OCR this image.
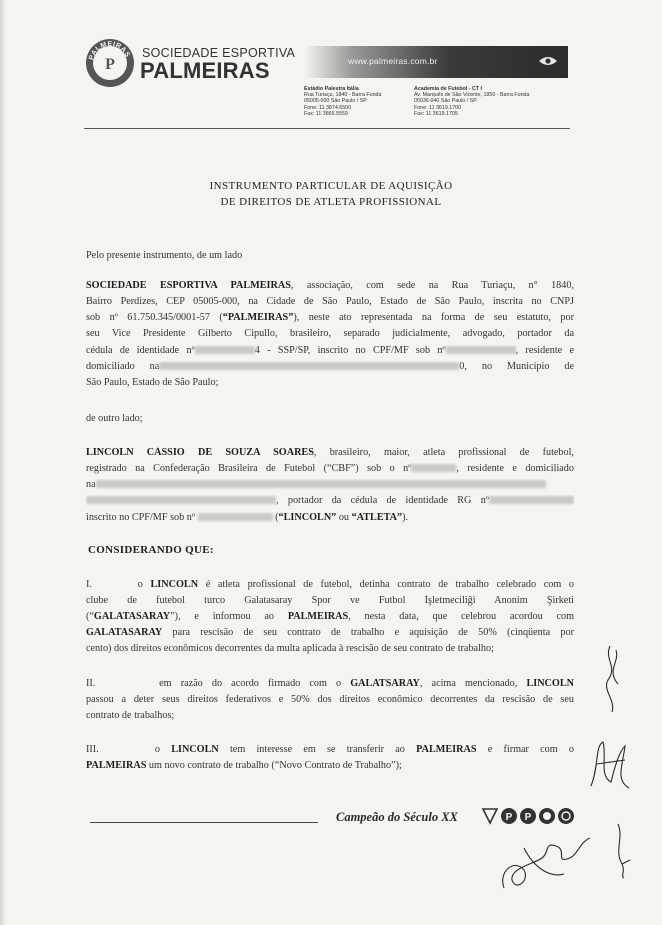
PALMEIRAS
P
SOCIEDADE ESPORTIVA
PALMEIRAS	www.palmeiras.com.br
Estádio Palestra Itália
Rua Turiaçu, 1840 - Barra Funda
05005-000 São Paulo / SP
Fone: 11 3874.6500
Fax: 11 3865.5559
Academia de Futebol - CT I
Av. Marquês de São Vicente, 1850 - Barra Funda
05036-040 São Paulo / SP
Fone: 11 3619.1700
Fax: 11 3619.1705
INSTRUMENTO PARTICULAR DE AQUISIÇÃO
DE DIREITOS DE ATLETA PROFISSIONAL
Pelo presente instrumento, de um lado
SOCIEDADE ESPORTIVA PALMEIRAS, associação, com sede na Rua Turiaçu, n° 1840,
Bairro Perdizes, CEP 05005-000, na Cidade de São Paulo, Estado de São Paulo, inscrita no CNPJ
sob nº 61.750.345/0001-57 (“PALMEIRAS”), neste ato representada na forma de seu estatuto, por
seu Vice Presidente Gilberto Cipullo, brasileiro, separado judicialmente, advogado, portador da
cédula de identidade nº	4 - SSP/SP, inscrito no CPF/MF sob nº	, residente e
domiciliado na	0, no Município de
São Paulo, Estado de São Paulo;
de outro lado;
LINCOLN CÁSSIO DE SOUZA SOARES, brasileiro, maior, atleta profissional de futebol,
registrado na Confederação Brasileira de Futebol (“CBF”) sob o nº	, residente e domiciliado
na
, portador da cédula de identidade RG nº
inscrito no CPF/MF sob nº	(“LINCOLN” ou “ATLETA”).
CONSIDERANDO QUE:
I.	o LINCOLN é atleta profissional de futebol, detinha contrato de trabalho celebrado com o
clube de futebol turco Galatasaray Spor ve Futbol İşletmeciliği Anonim Şirketi
(“GALATASARAY”), e informou ao PALMEIRAS, nesta data, que celebrou acordou com
GALATASARAY para rescisão de seu contrato de trabalho e aquisição de 50% (cinqüenta por
cento) dos direitos econômicos decorrentes da multa aplicada à rescisão de seu contrato de trabalho;
II.	em razão do acordo firmado com o GALATSARAY, acima mencionado, LINCOLN
passou a deter seus direitos federativos e 50% dos direitos econômico decorrentes da rescisão de seu
contrato de trabalhos;
III.	o LINCOLN tem interesse em se transferir ao PALMEIRAS e firmar com o
PALMEIRAS um novo contrato de trabalho (“Novo Contrato de Trabalho”);
Campeão do Século XX	P P
